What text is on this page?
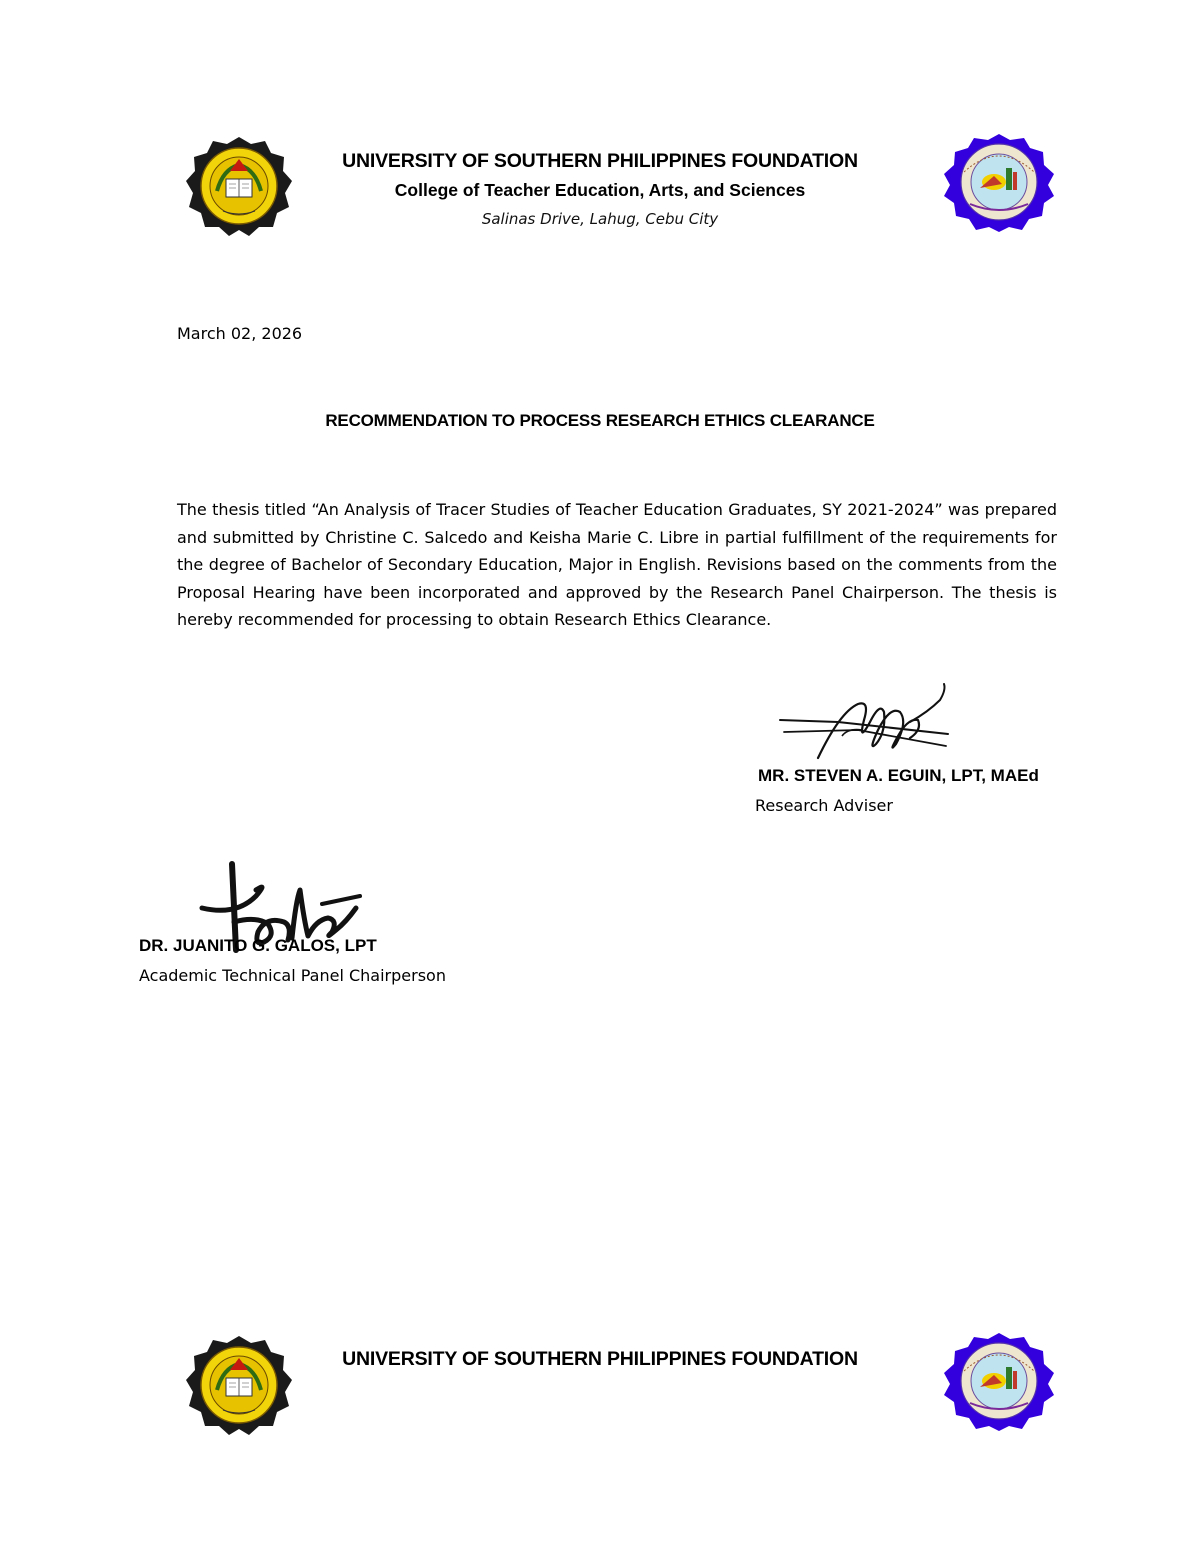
UNIVERSITY OF SOUTHERN PHILIPPINES FOUNDATION
College of Teacher Education, Arts, and Sciences
Salinas Drive, Lahug, Cebu City
March 02, 2026
RECOMMENDATION TO PROCESS RESEARCH ETHICS CLEARANCE
The thesis titled “An Analysis of Tracer Studies of Teacher Education Graduates, SY 2021-2024” was prepared and submitted by Christine C. Salcedo and Keisha Marie C. Libre in partial fulfillment of the requirements for the degree of Bachelor of Secondary Education, Major in English. Revisions based on the comments from the Proposal Hearing have been incorporated and approved by the Research Panel Chairperson. The thesis is hereby recommended for processing to obtain Research Ethics Clearance.
MR. STEVEN A. EGUIN, LPT, MAEd
Research Adviser
DR. JUANITO G. GALOS, LPT
Academic Technical Panel Chairperson
UNIVERSITY OF SOUTHERN PHILIPPINES FOUNDATION
